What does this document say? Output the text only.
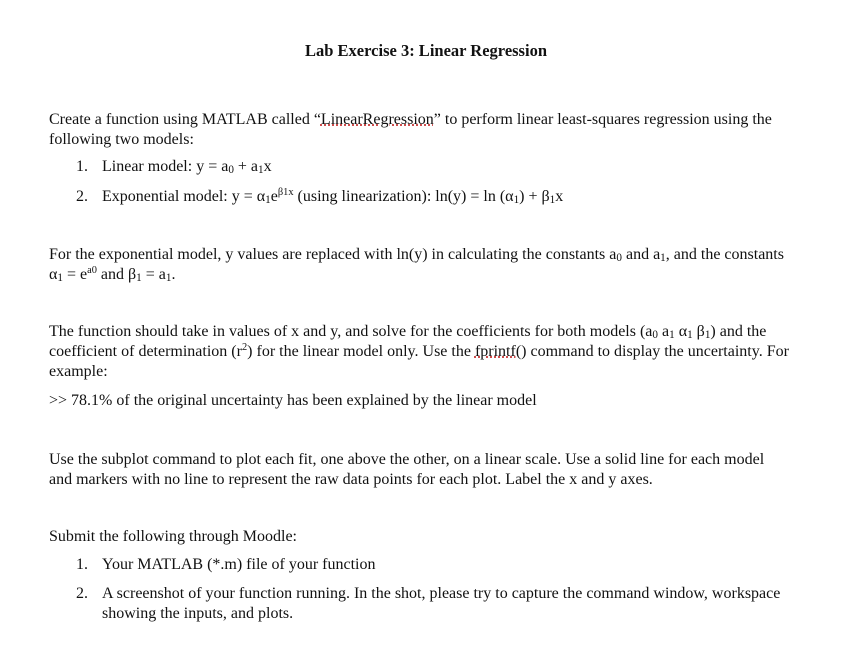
Lab Exercise 3: Linear Regression
Create a function using MATLAB called “LinearRegression” to perform linear least-squares regression using the following two models:
1. Linear model: $y = a_0 + a_1x$
2. Exponential model: $y = \alpha_1e^{\beta 1x}$ (using linearization): $\ln(y) = \ln (\alpha_1) + \beta_1x$
For the exponential model, y values are replaced with ln(y) in calculating the constants $a_0$ and $a_1$, and the constants $\alpha_1 = e^{a0}$ and $\beta_1 = a_1$.
The function should take in values of x and y, and solve for the coefficients for both models ($a_0$ $a_1$ $\alpha_1$ $\beta_1$) and the coefficient of determination $(r^2)$ for the linear model only. Use the fprintf() command to display the uncertainty. For example:
>> 78.1% of the original uncertainty has been explained by the linear model
Use the subplot command to plot each fit, one above the other, on a linear scale. Use a solid line for each model and markers with no line to represent the raw data points for each plot. Label the x and y axes.
Submit the following through Moodle:
1. Your MATLAB (*.m) file of your function
2. A screenshot of your function running. In the shot, please try to capture the command window, workspace showing the inputs, and plots.
